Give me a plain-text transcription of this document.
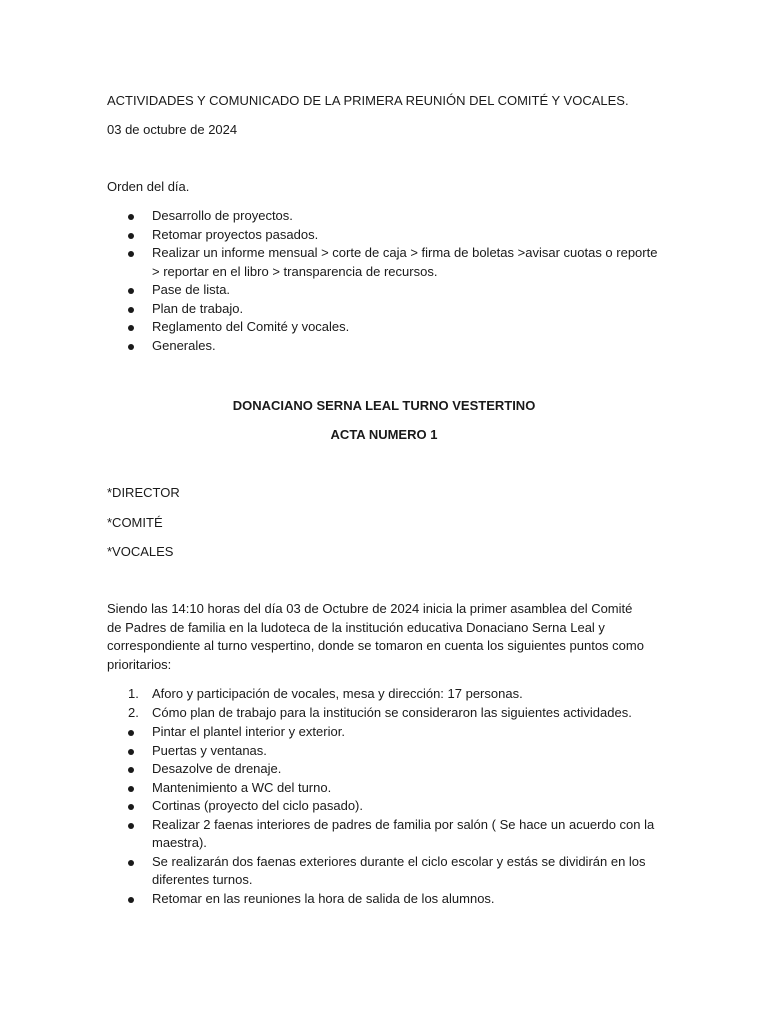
ACTIVIDADES Y COMUNICADO DE LA PRIMERA REUNIÓN DEL COMITÉ Y VOCALES.

03 de octubre de 2024

Orden del día.

Desarrollo de proyectos.
Retomar proyectos pasados.
Realizar un informe mensual > corte de caja > firma de boletas >avisar cuotas o reporte > reportar en el libro > transparencia de recursos.
Pase de lista.
Plan de trabajo.
Reglamento del Comité y vocales.
Generales.

DONACIANO SERNA LEAL TURNO VESTERTINO

ACTA NUMERO 1

*DIRECTOR

*COMITÉ

*VOCALES

Siendo las 14:10 horas del día 03 de Octubre de 2024 inicia la primer asamblea del Comité de Padres de familia en la ludoteca de la institución educativa Donaciano Serna Leal y correspondiente al turno vespertino, donde se tomaron en cuenta los siguientes puntos como prioritarios:

1. Aforo y participación de vocales, mesa y dirección: 17 personas.
2. Cómo plan de trabajo para la institución se consideraron las siguientes actividades.
Pintar el plantel interior y exterior.
Puertas y ventanas.
Desazolve de drenaje.
Mantenimiento a WC del turno.
Cortinas (proyecto del ciclo pasado).
Realizar 2 faenas interiores de padres de familia por salón ( Se hace un acuerdo con la maestra).
Se realizarán dos faenas exteriores durante el ciclo escolar y estás se dividirán en los diferentes turnos.
Retomar en las reuniones la hora de salida de los alumnos.
